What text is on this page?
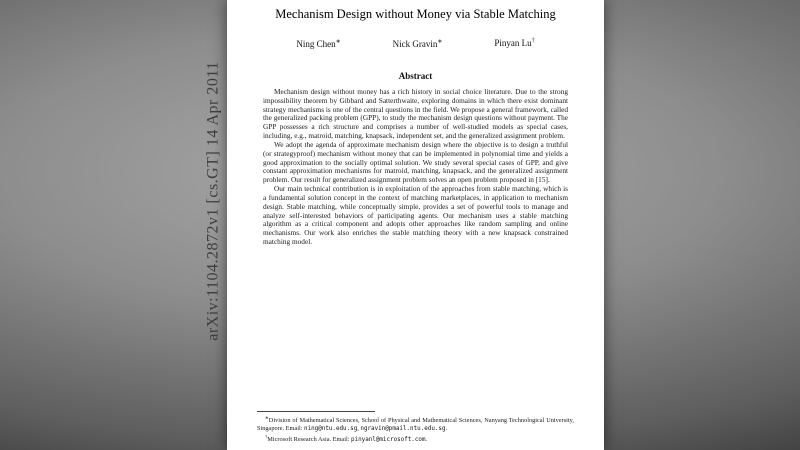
arXiv:1104.2872v1 [cs.GT] 14 Apr 2011
Mechanism Design without Money via Stable Matching
Ning Chen∗	Nick Gravin∗	Pinyan Lu†
Abstract

Mechanism design without money has a rich history in social choice literature. Due to the strong impossibility theorem by Gibbard and Satterthwaite, exploring domains in which there exist dominant strategy mechanisms is one of the central questions in the field. We propose a general framework, called the generalized packing problem (GPP), to study the mechanism design questions without payment. The GPP possesses a rich structure and comprises a number of well-studied models as special cases, including, e.g., matroid, matching, knapsack, independent set, and the generalized assignment problem.

We adopt the agenda of approximate mechanism design where the objective is to design a truthful (or strategyproof) mechanism without money that can be implemented in polynomial time and yields a good approximation to the socially optimal solution. We study several special cases of GPP, and give constant approximation mechanisms for matroid, matching, knapsack, and the generalized assignment problem. Our result for generalized assignment problem solves an open problem proposed in [15].

Our main technical contribution is in exploitation of the approaches from stable matching, which is a fundamental solution concept in the context of matching marketplaces, in application to mechanism design. Stable matching, while conceptually simple, provides a set of powerful tools to manage and analyze self-interested behaviors of participating agents. Our mechanism uses a stable matching algorithm as a critical component and adopts other approaches like random sampling and online mechanisms. Our work also enriches the stable matching theory with a new knapsack constrained matching model.

∗Division of Mathematical Sciences, School of Physical and Mathematical Sciences, Nanyang Technological University, Singapore. Email: ning@ntu.edu.sg, ngravin@pmail.ntu.edu.sg.
†Microsoft Research Asia. Email: pinyanl@microsoft.com.
